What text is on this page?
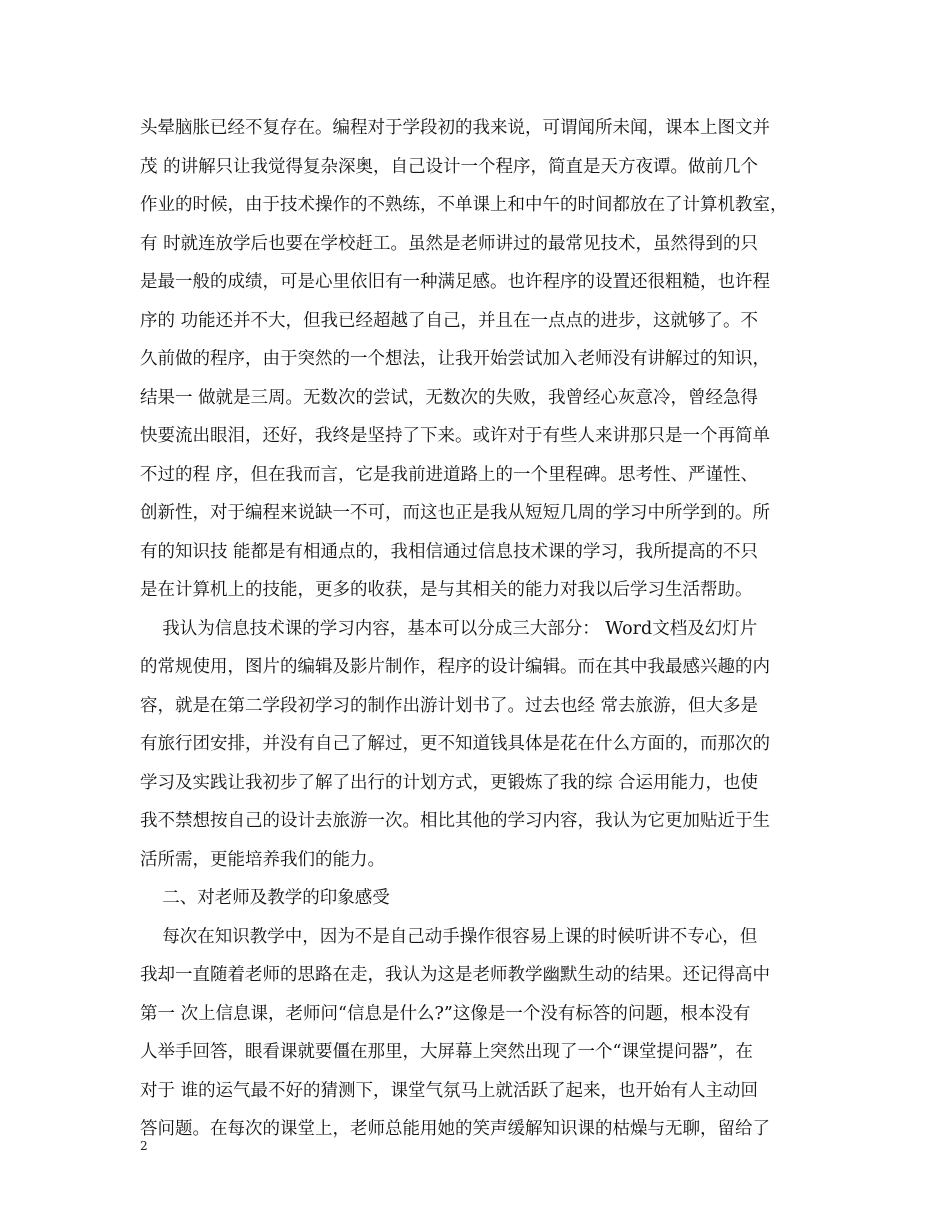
头晕脑胀已经不复存在。编程对于学段初的我来说，可谓闻所未闻，课本上图文并
茂 的讲解只让我觉得复杂深奥，自己设计一个程序，简直是天方夜谭。做前几个
作业的时候，由于技术操作的不熟练，不单课上和中午的时间都放在了计算机教室，
有 时就连放学后也要在学校赶工。虽然是老师讲过的最常见技术，虽然得到的只
是最一般的成绩，可是心里依旧有一种满足感。也许程序的设置还很粗糙，也许程
序的 功能还并不大，但我已经超越了自己，并且在一点点的进步，这就够了。不
久前做的程序，由于突然的一个想法，让我开始尝试加入老师没有讲解过的知识，
结果一 做就是三周。无数次的尝试，无数次的失败，我曾经心灰意冷，曾经急得
快要流出眼泪，还好，我终是坚持了下来。或许对于有些人来讲那只是一个再简单
不过的程 序，但在我而言，它是我前进道路上的一个里程碑。思考性、严谨性、
创新性，对于编程来说缺一不可，而这也正是我从短短几周的学习中所学到的。所
有的知识技 能都是有相通点的，我相信通过信息技术课的学习，我所提高的不只
是在计算机上的技能，更多的收获，是与其相关的能力对我以后学习生活帮助。
我认为信息技术课的学习内容，基本可以分成三大部分： Word文档及幻灯片
的常规使用，图片的编辑及影片制作，程序的设计编辑。而在其中我最感兴趣的内
容，就是在第二学段初学习的制作出游计划书了。过去也经 常去旅游，但大多是
有旅行团安排，并没有自己了解过，更不知道钱具体是花在什么方面的，而那次的
学习及实践让我初步了解了出行的计划方式，更锻炼了我的综 合运用能力，也使
我不禁想按自己的设计去旅游一次。相比其他的学习内容，我认为它更加贴近于生
活所需，更能培养我们的能力。
二、对老师及教学的印象感受
每次在知识教学中，因为不是自己动手操作很容易上课的时候听讲不专心，但
我却一直随着老师的思路在走，我认为这是老师教学幽默生动的结果。还记得高中
第一 次上信息课，老师问“信息是什么?”这像是一个没有标答的问题，根本没有
人举手回答，眼看课就要僵在那里，大屏幕上突然出现了一个“课堂提问器”，在
对于 谁的运气最不好的猜测下，课堂气氛马上就活跃了起来，也开始有人主动回
答问题。在每次的课堂上，老师总能用她的笑声缓解知识课的枯燥与无聊，留给了
2
